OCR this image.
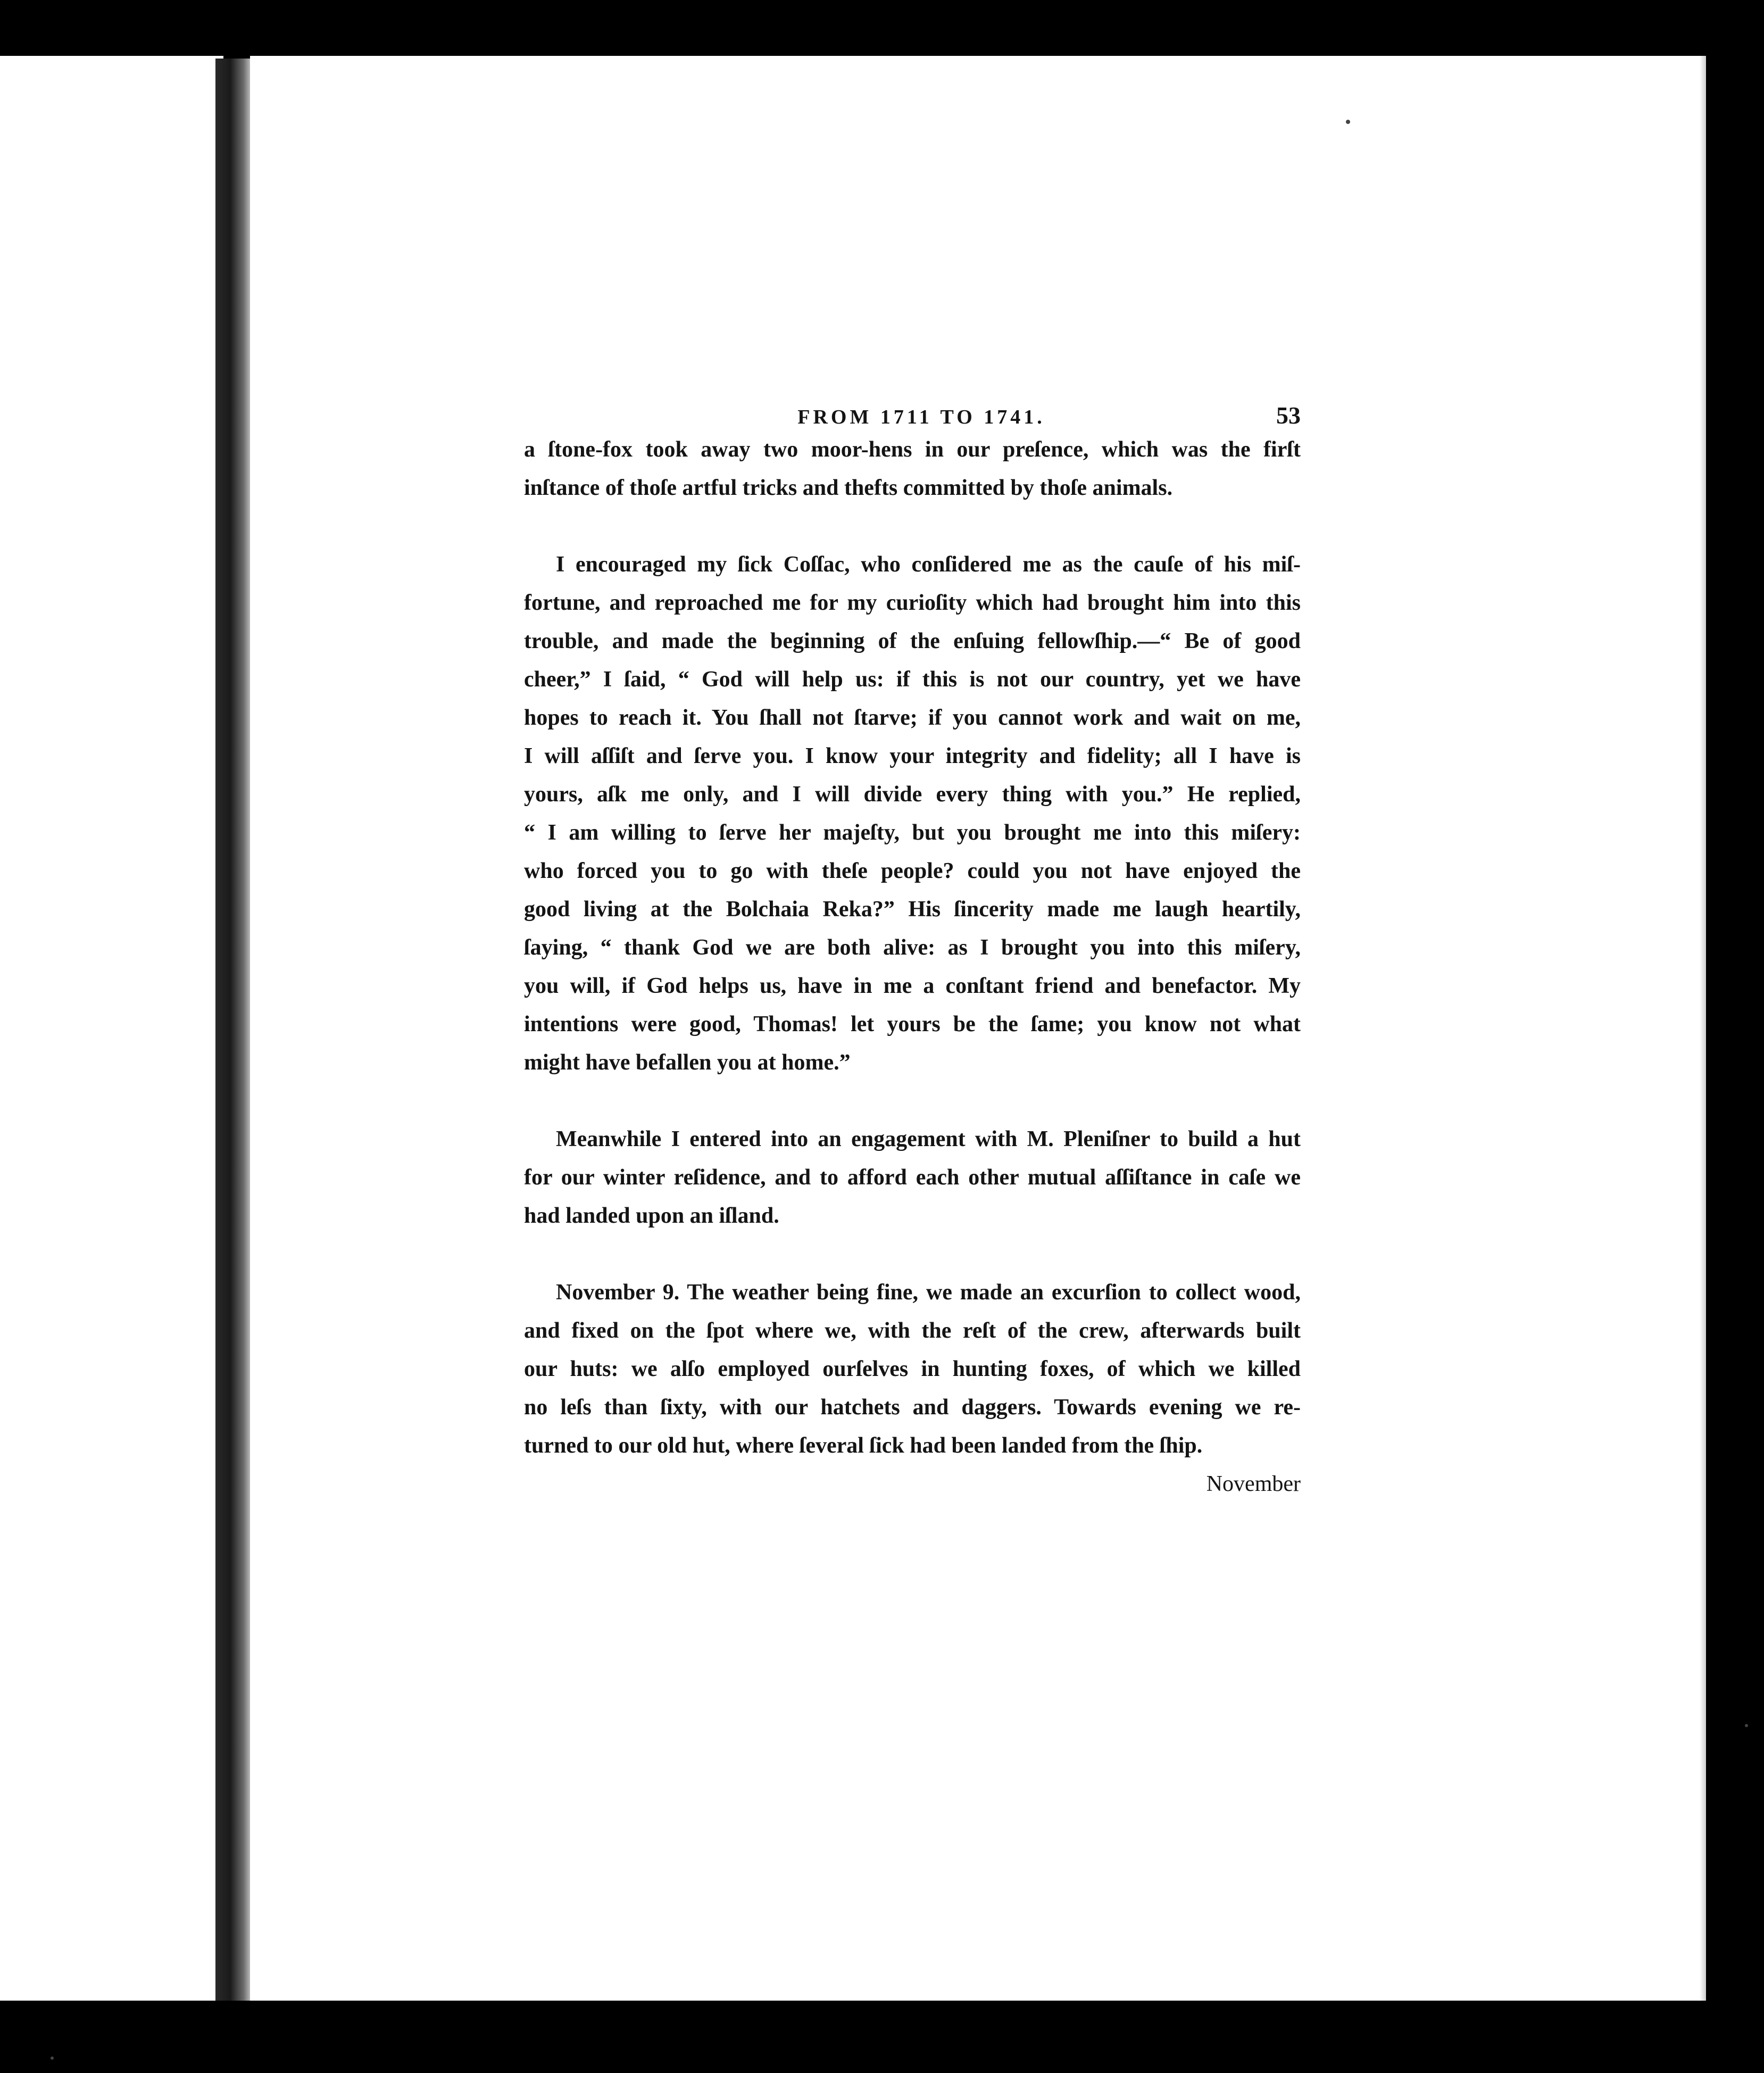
FROM 1711 TO 1741.	53
a ſtone-fox took away two moor-hens in our preſence, which was the firſt
inſtance of thoſe artful tricks and thefts committed by thoſe animals.
I encouraged my ſick Coſſac, who conſidered me as the cauſe of his miſ-
fortune, and reproached me for my curioſity which had brought him into this
trouble, and made the beginning of the enſuing fellowſhip.—“ Be of good
cheer,” I ſaid, “ God will help us: if this is not our country, yet we have
hopes to reach it. You ſhall not ſtarve; if you cannot work and wait on me,
I will aſſiſt and ſerve you. I know your integrity and fidelity; all I have is
yours, aſk me only, and I will divide every thing with you.” He replied,
“ I am willing to ſerve her majeſty, but you brought me into this miſery:
who forced you to go with theſe people? could you not have enjoyed the
good living at the Bolchaia Reka?” His ſincerity made me laugh heartily,
ſaying, “ thank God we are both alive: as I brought you into this miſery,
you will, if God helps us, have in me a conſtant friend and benefactor. My
intentions were good, Thomas! let yours be the ſame; you know not what
might have befallen you at home.”
Meanwhile I entered into an engagement with M. Pleniſner to build a hut
for our winter reſidence, and to afford each other mutual aſſiſtance in caſe we
had landed upon an iſland.
November 9. The weather being fine, we made an excurſion to collect wood,
and fixed on the ſpot where we, with the reſt of the crew, afterwards built
our huts: we alſo employed ourſelves in hunting foxes, of which we killed
no leſs than ſixty, with our hatchets and daggers. Towards evening we re-
turned to our old hut, where ſeveral ſick had been landed from the ſhip.
November
